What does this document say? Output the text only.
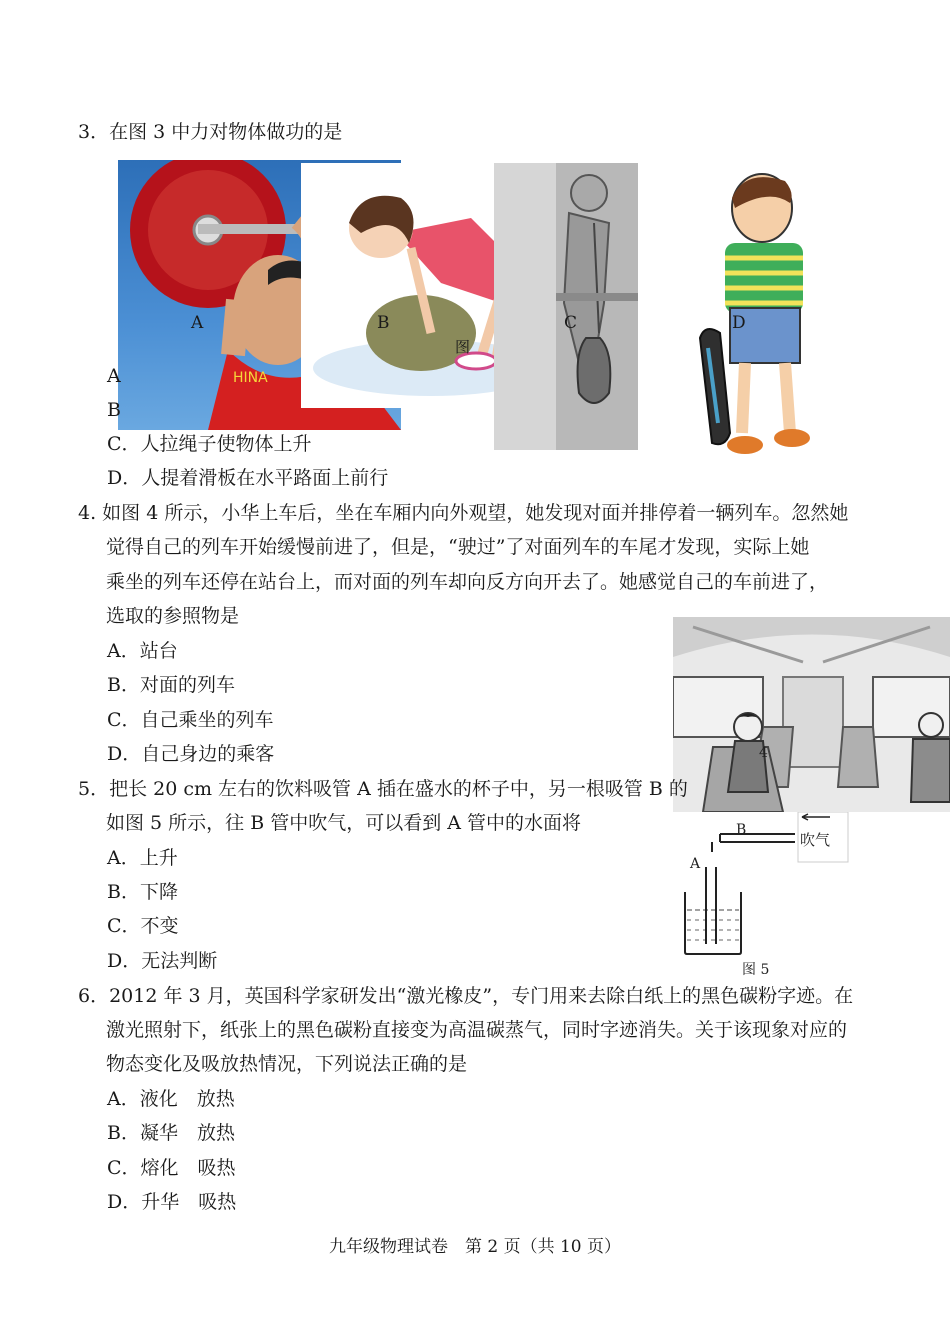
3．在图 3 中力对物体做功的是
HINA
A	B	C	D
图
A
B
C．人拉绳子使物体上升
D．人提着滑板在水平路面上前行
4. 如图 4 所示，小华上车后，坐在车厢内向外观望，她发现对面并排停着一辆列车。忽然她
觉得自己的列车开始缓慢前进了，但是，“驶过”了对面列车的车尾才发现，实际上她
乘坐的列车还停在站台上，而对面的列车却向反方向开去了。她感觉自己的车前进了，
选取的参照物是
A．站台
B．对面的列车
C．自己乘坐的列车
D．自己身边的乘客	4
5．把长 20 cm 左右的饮料吸管 A 插在盛水的杯子中，另一根吸管 B 的
如图 5 所示，往 B 管中吹气，可以看到 A 管中的水面将
A．上升
B．下降
C．不变
D．无法判断
B
A
吹气
图 5
6．2012 年 3 月，英国科学家研发出“激光橡皮”，专门用来去除白纸上的黑色碳粉字迹。在
激光照射下，纸张上的黑色碳粉直接变为高温碳蒸气，同时字迹消失。关于该现象对应的
物态变化及吸放热情况，下列说法正确的是
A．液化　放热
B．凝华　放热
C．熔化　吸热
D．升华　吸热
九年级物理试卷　第 2 页（共 10 页）
